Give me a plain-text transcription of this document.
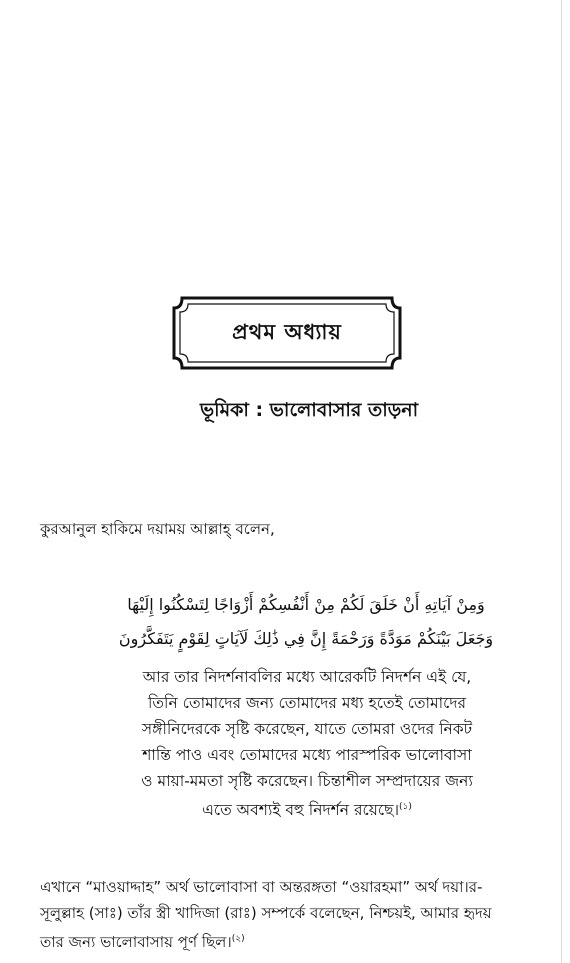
প্রথম অধ্যায়
ভূমিকা : ভালোবাসার তাড়না
কুরআনুল হাকিমে দয়াময় আল্লাহ্ বলেন,
وَمِنْ آيَاتِهِ أَنْ خَلَقَ لَكُمْ مِنْ أَنْفُسِكُمْ أَزْوَاجًا لِتَسْكُنُوا إِلَيْهَا
وَجَعَلَ بَيْنَكُمْ مَوَدَّةً وَرَحْمَةً إِنَّ فِي ذَٰلِكَ لَآيَاتٍ لِقَوْمٍ يَتَفَكَّرُونَ
আর তার নিদর্শনাবলির মধ্যে আরেকটি নিদর্শন এই যে,
তিনি তোমাদের জন্য তোমাদের মধ্য হতেই তোমাদের
সঙ্গীনিদেরকে সৃষ্টি করেছেন, যাতে তোমরা ওদের নিকট
শান্তি পাও এবং তোমাদের মধ্যে পারস্পরিক ভালোবাসা
ও মায়া-মমতা সৃষ্টি করেছেন। চিন্তাশীল সম্প্রদায়ের জন্য
এতে অবশ্যই বহু নিদর্শন রয়েছে।$^{(১)}$
এখানে “মাওয়াদ্দাহ” অর্থ ভালোবাসা বা অন্তরঙ্গতা “ওয়ারহমা” অর্থ দয়া।র-
সূলুল্লাহ (সাঃ) তাঁর স্ত্রী খাদিজা (রাঃ) সম্পর্কে বলেছেন, নিশ্চয়ই, আমার হৃদয়
তার জন্য ভালোবাসায় পূর্ণ ছিল।$^{(২)}$
